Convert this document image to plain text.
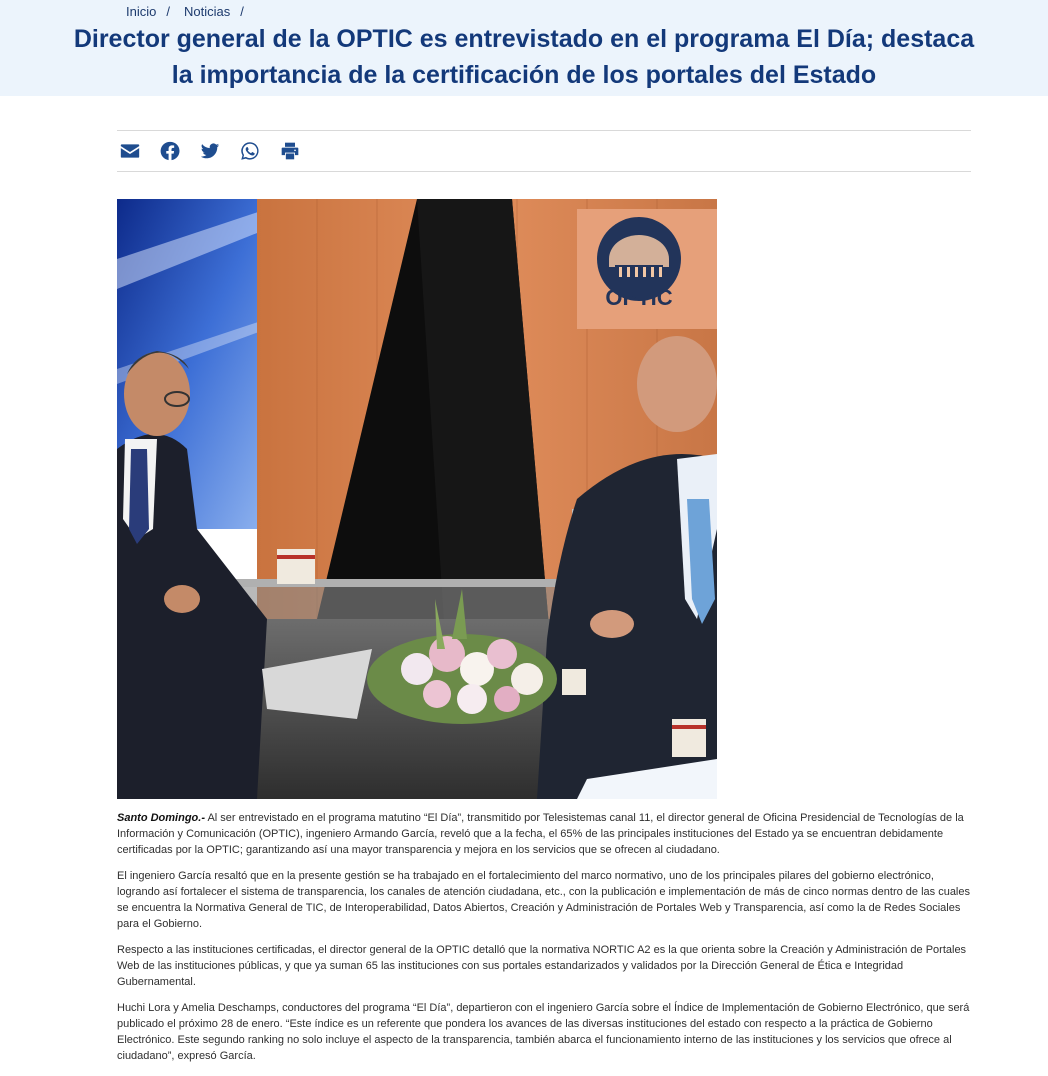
Inicio / Noticias /
Director general de la OPTIC es entrevistado en el programa El Día; destaca la importancia de la certificación de los portales del Estado
OPTIC

Santo Domingo.- Al ser entrevistado en el programa matutino “El Día”, transmitido por Telesistemas canal 11, el director general de Oficina Presidencial de Tecnologías de la Información y Comunicación (OPTIC), ingeniero Armando García, reveló que a la fecha, el 65% de las principales instituciones del Estado ya se encuentran debidamente certificadas por la OPTIC; garantizando así una mayor transparencia y mejora en los servicios que se ofrecen al ciudadano.

El ingeniero García resaltó que en la presente gestión se ha trabajado en el fortalecimiento del marco normativo, uno de los principales pilares del gobierno electrónico, logrando así fortalecer el sistema de transparencia, los canales de atención ciudadana, etc., con la publicación e implementación de más de cinco normas dentro de las cuales se encuentra la Normativa General de TIC, de Interoperabilidad, Datos Abiertos, Creación y Administración de Portales Web y Transparencia, así como la de Redes Sociales para el Gobierno.

Respecto a las instituciones certificadas, el director general de la OPTIC detalló que la normativa NORTIC A2 es la que orienta sobre la Creación y Administración de Portales Web de las instituciones públicas, y que ya suman 65 las instituciones con sus portales estandarizados y validados por la Dirección General de Ética e Integridad Gubernamental.

Huchi Lora y Amelia Deschamps, conductores del programa “El Día”, departieron con el ingeniero García sobre el Índice de Implementación de Gobierno Electrónico, que será publicado el próximo 28 de enero. “Este índice es un referente que pondera los avances de las diversas instituciones del estado con respecto a la práctica de Gobierno Electrónico. Este segundo ranking no solo incluye el aspecto de la transparencia, también abarca el funcionamiento interno de las instituciones y los servicios que ofrece al ciudadano”, expresó García.
